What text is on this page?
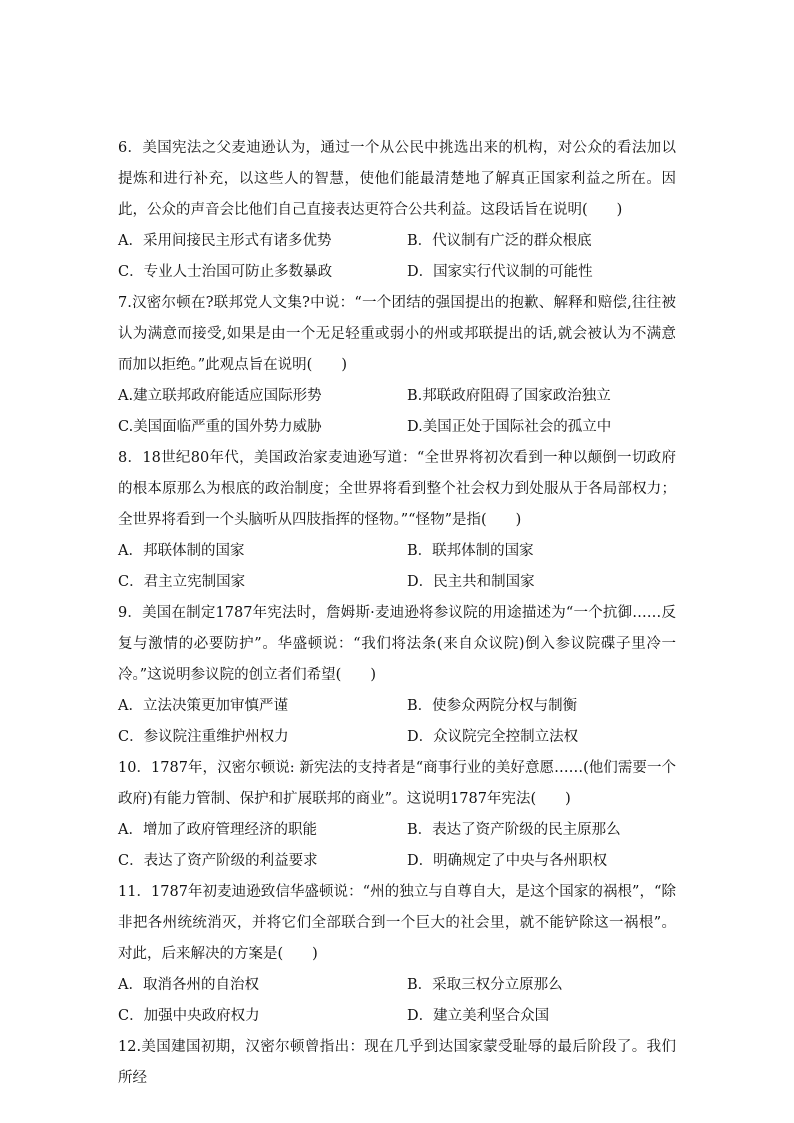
6．美国宪法之父麦迪逊认为，通过一个从公民中挑选出来的机构，对公众的看法加以提炼和进行补充，以这些人的智慧，使他们能最清楚地了解真正国家利益之所在。因此，公众的声音会比他们自己直接表达更符合公共利益。这段话旨在说明(　　)

A．采用间接民主形式有诸多优势	B．代议制有广泛的群众根底
C．专业人士治国可防止多数暴政	D．国家实行代议制的可能性

7.汉密尔顿在?联邦党人文集?中说：“一个团结的强国提出的抱歉、解释和赔偿,往往被认为满意而接受,如果是由一个无足轻重或弱小的州或邦联提出的话,就会被认为不满意而加以拒绝。”此观点旨在说明(　　)

A.建立联邦政府能适应国际形势	B.邦联政府阻碍了国家政治独立
C.美国面临严重的国外势力威胁	D.美国正处于国际社会的孤立中

8．18世纪80年代，美国政治家麦迪逊写道：“全世界将初次看到一种以颠倒一切政府的根本原那么为根底的政治制度；全世界将看到整个社会权力到处服从于各局部权力；全世界将看到一个头脑听从四肢指挥的怪物。”“怪物”是指(　　)

A．邦联体制的国家	B．联邦体制的国家
C．君主立宪制国家	D．民主共和制国家

9．美国在制定1787年宪法时，詹姆斯·麦迪逊将参议院的用途描述为“一个抗御……反复与激情的必要防护”。华盛顿说：“我们将法条(来自众议院)倒入参议院碟子里冷一冷。”这说明参议院的创立者们希望(　　)

A．立法决策更加审慎严谨	B．使参众两院分权与制衡
C．参议院注重维护州权力	D．众议院完全控制立法权

10．1787年，汉密尔顿说: 新宪法的支持者是“商事行业的美好意愿……(他们需要一个政府)有能力管制、保护和扩展联邦的商业”。这说明1787年宪法(　　)

A．增加了政府管理经济的职能	B．表达了资产阶级的民主原那么
C．表达了资产阶级的利益要求	D．明确规定了中央与各州职权

11．1787年初麦迪逊致信华盛顿说：“州的独立与自尊自大，是这个国家的祸根”，“除非把各州统统消灭，并将它们全部联合到一个巨大的社会里，就不能铲除这一祸根”。对此，后来解决的方案是(　　)

A．取消各州的自治权	B．采取三权分立原那么
C．加强中央政府权力	D．建立美利坚合众国

12.美国建国初期，汉密尔顿曾指出：现在几乎到达国家蒙受耻辱的最后阶段了。我们所经
